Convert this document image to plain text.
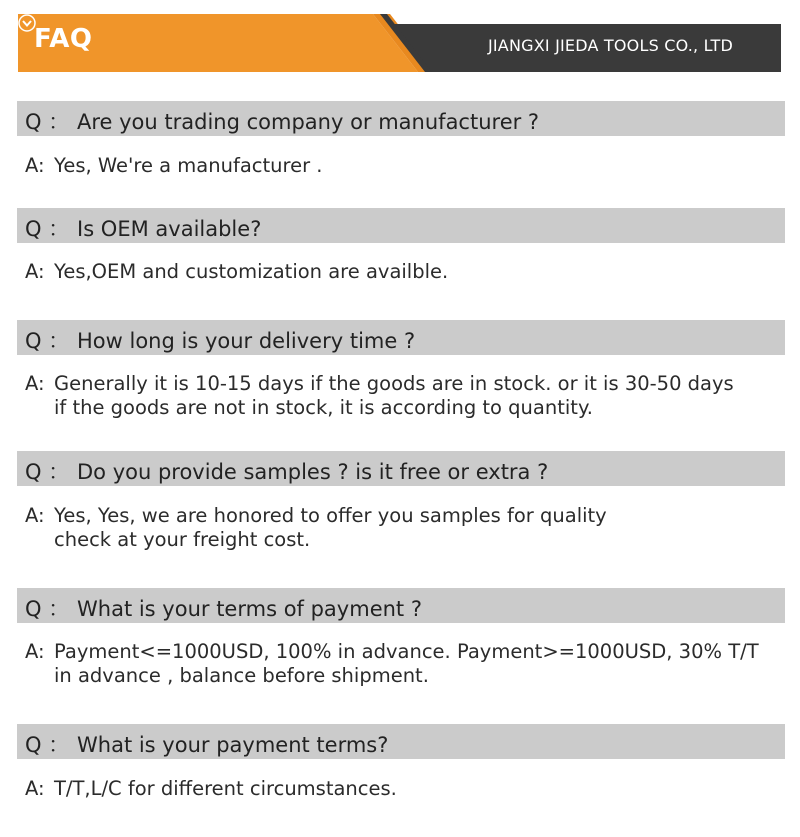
FAQ	JIANGXI JIEDA TOOLS CO., LTD
Q ： Are you trading company or manufacturer ?
A: Yes, We're a manufacturer .
Q ： Is OEM available?
A: Yes,OEM and customization are availble.
Q ： How long is your delivery time ?
A: Generally it is 10-15 days if the goods are in stock. or it is 30-50 days
if the goods are not in stock, it is according to quantity.
Q ： Do you provide samples ? is it free or extra ?
A: Yes, Yes, we are honored to offer you samples for quality
check at your freight cost.
Q ： What is your terms of payment ?
A: Payment<=1000USD, 100% in advance. Payment>=1000USD, 30% T/T
in advance , balance before shipment.
Q ： What is your payment terms?
A: T/T,L/C for different circumstances.
